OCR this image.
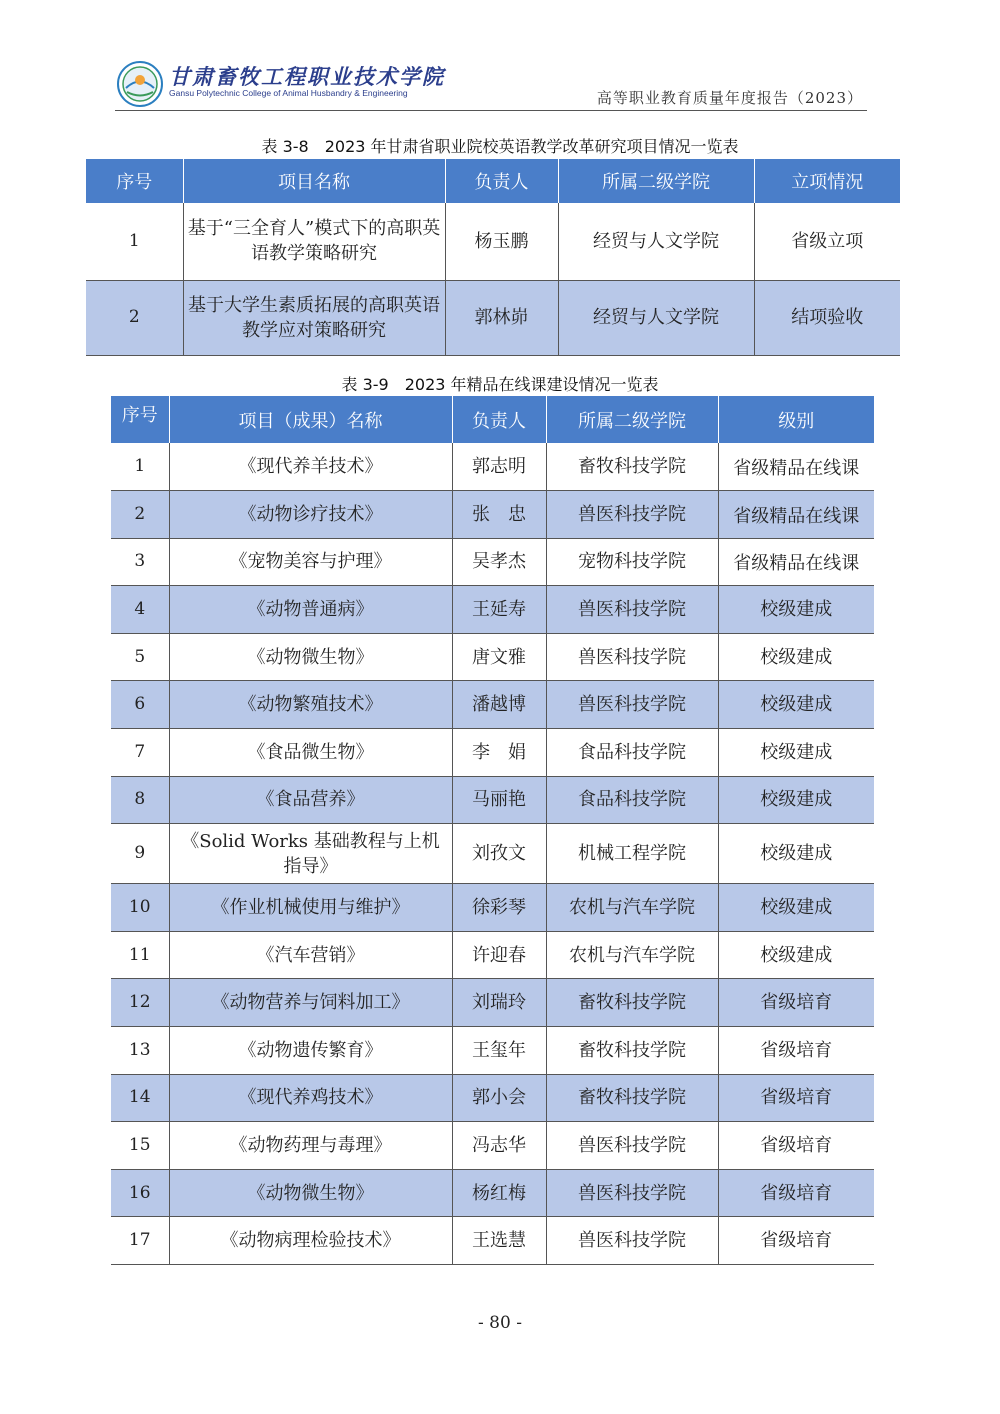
甘肃畜牧工程职业技术学院
Gansu Polytechnic College of Animal Husbandry & Engineering	高等职业教育质量年度报告（2023）
表 3-8　2023 年甘肃省职业院校英语教学改革研究项目情况一览表
序号	项目名称	负责人	所属二级学院	立项情况
1	基于“三全育人”模式下的高职英语教学策略研究	杨玉鹏	经贸与人文学院	省级立项
2	基于大学生素质拓展的高职英语教学应对策略研究	郭林峁	经贸与人文学院	结项验收
表 3-9　2023 年精品在线课建设情况一览表
序号	项目（成果）名称	负责人	所属二级学院	级别
1	《现代养羊技术》	郭志明	畜牧科技学院	省级精品在线课

2	《动物诊疗技术》	张　忠	兽医科技学院	省级精品在线课

3	《宠物美容与护理》	吴孝杰	宠物科技学院	省级精品在线课

4	《动物普通病》	王延寿	兽医科技学院	校级建成
5	《动物微生物》	唐文雅	兽医科技学院	校级建成
6	《动物繁殖技术》	潘越博	兽医科技学院	校级建成
7	《食品微生物》	李　娟	食品科技学院	校级建成
8	《食品营养》	马丽艳	食品科技学院	校级建成
9	《Solid Works 基础教程与上机指导》	刘孜文	机械工程学院	校级建成
10	《作业机械使用与维护》	徐彩琴	农机与汽车学院	校级建成
11	《汽车营销》	许迎春	农机与汽车学院	校级建成
12	《动物营养与饲料加工》	刘瑞玲	畜牧科技学院	省级培育
13	《动物遗传繁育》	王玺年	畜牧科技学院	省级培育
14	《现代养鸡技术》	郭小会	畜牧科技学院	省级培育
15	《动物药理与毒理》	冯志华	兽医科技学院	省级培育
16	《动物微生物》	杨红梅	兽医科技学院	省级培育
17	《动物病理检验技术》	王选慧	兽医科技学院	省级培育
- 80 -
